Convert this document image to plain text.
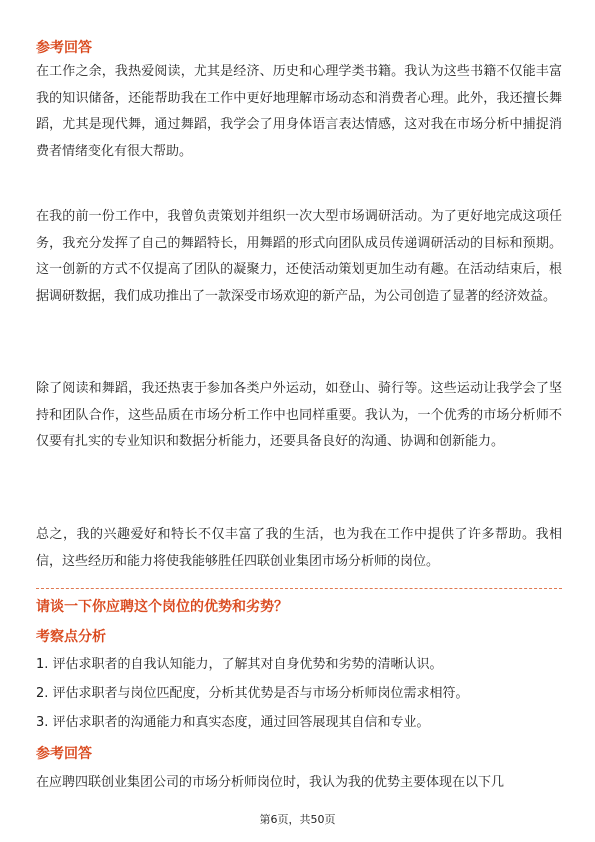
参考回答

在工作之余，我热爱阅读，尤其是经济、历史和心理学类书籍。我认为这些书籍不仅能丰富我的知识储备，还能帮助我在工作中更好地理解市场动态和消费者心理。此外，我还擅长舞蹈，尤其是现代舞，通过舞蹈，我学会了用身体语言表达情感，这对我在市场分析中捕捉消费者情绪变化有很大帮助。

在我的前一份工作中，我曾负责策划并组织一次大型市场调研活动。为了更好地完成这项任务，我充分发挥了自己的舞蹈特长，用舞蹈的形式向团队成员传递调研活动的目标和预期。这一创新的方式不仅提高了团队的凝聚力，还使活动策划更加生动有趣。在活动结束后，根据调研数据，我们成功推出了一款深受市场欢迎的新产品，为公司创造了显著的经济效益。

除了阅读和舞蹈，我还热衷于参加各类户外运动，如登山、骑行等。这些运动让我学会了坚持和团队合作，这些品质在市场分析工作中也同样重要。我认为，一个优秀的市场分析师不仅要有扎实的专业知识和数据分析能力，还要具备良好的沟通、协调和创新能力。

总之，我的兴趣爱好和特长不仅丰富了我的生活，也为我在工作中提供了许多帮助。我相信，这些经历和能力将使我能够胜任四联创业集团市场分析师的岗位。

请谈一下你应聘这个岗位的优势和劣势？
考察点分析
1. 评估求职者的自我认知能力，了解其对自身优势和劣势的清晰认识。
2. 评估求职者与岗位匹配度，分析其优势是否与市场分析师岗位需求相符。
3. 评估求职者的沟通能力和真实态度，通过回答展现其自信和专业。
参考回答
在应聘四联创业集团公司的市场分析师岗位时，我认为我的优势主要体现在以下几
第6页，共50页
